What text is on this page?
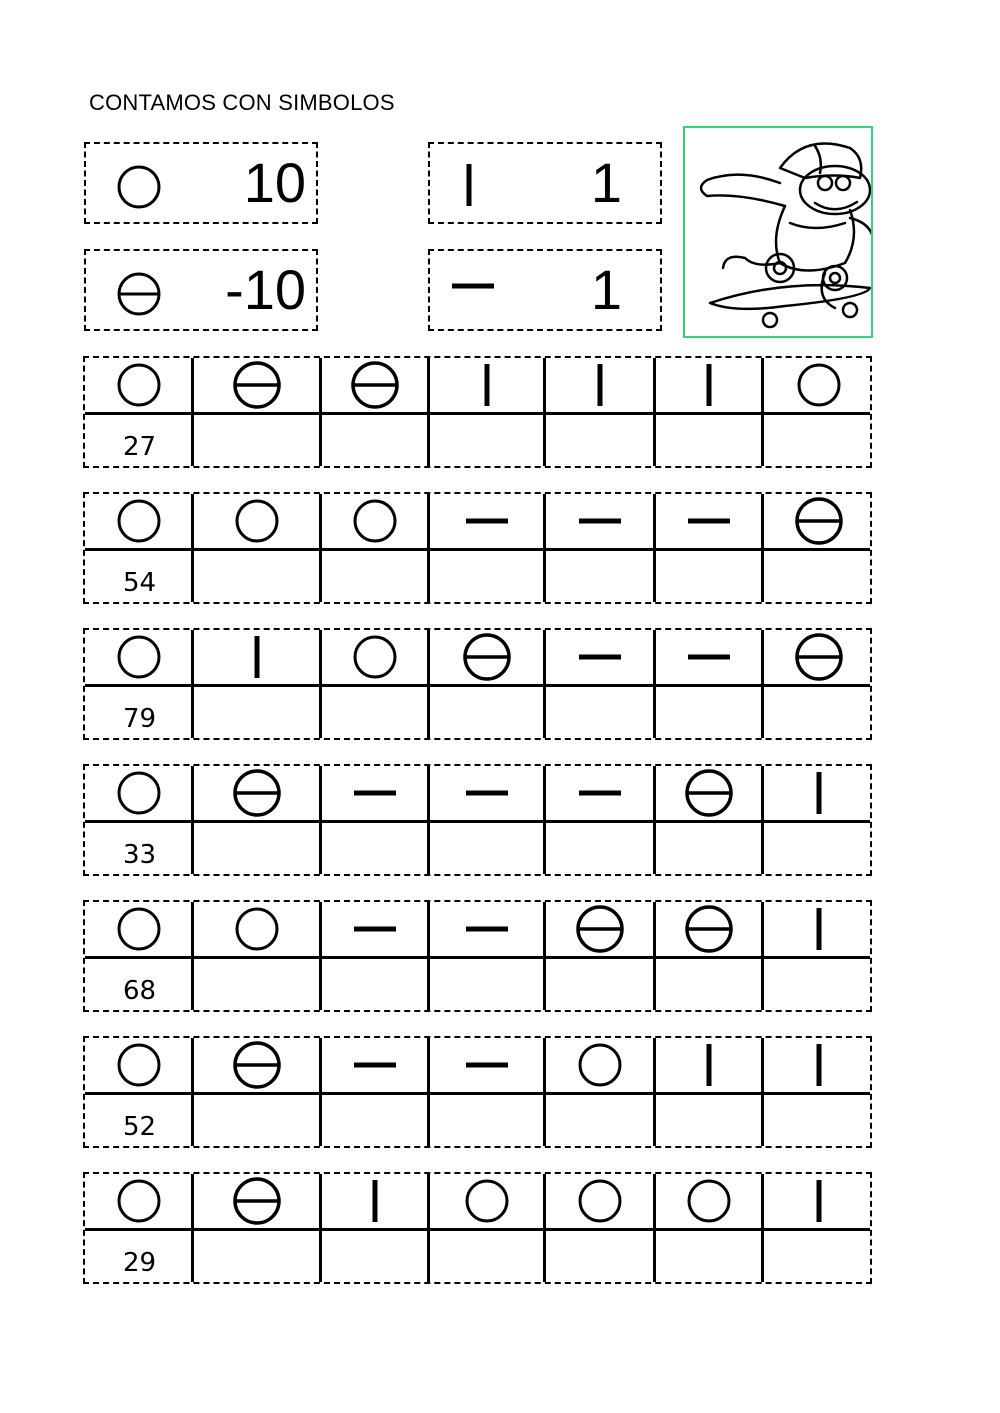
CONTAMOS CON SIMBOLOS
10	1
-10	1
27
54
79
33
68
52
29
